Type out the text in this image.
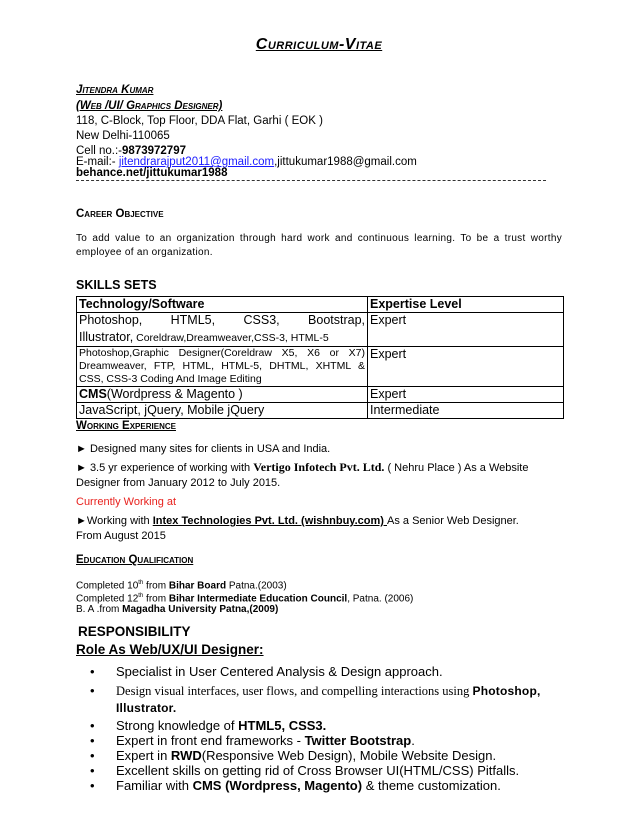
Curriculum-Vitae
Jitendra Kumar
(Web /UI/ Graphics Designer)
118, C-Block, Top Floor, DDA Flat, Garhi ( EOK )
New Delhi-110065
Cell no.:-9873972797
E-mail:- jitendrarajput2011@gmail.com,jittukumar1988@gmail.com
behance.net/jittukumar1988
Career Objective
To add value to an organization through hard work and continuous learning. To be a trust worthy employee of an organization.
SKILLS SETS
Technology/Software	Expertise Level

Photoshop, HTML5, CSS3, Bootstrap,
Illustrator, Coreldraw,Dreamweaver,CSS-3, HTML-5	Expert
Photoshop,Graphic Designer(Coreldraw X5, X6 or X7) Dreamweaver, FTP, HTML, HTML-5, DHTML, XHTML & CSS, CSS-3 Coding And Image Editing	Expert
CMS(Wordpress & Magento )	Expert
JavaScript, jQuery, Mobile jQuery	Intermediate
Working Experience
► Designed many sites for clients in USA and India.
► 3.5 yr experience of working with Vertigo Infotech Pvt. Ltd. ( Nehru Place ) As a Website
Designer from January 2012 to July 2015.
Currently Working at
►Working with Intex Technologies Pvt. Ltd. (wishnbuy.com) As a Senior Web Designer.
From August 2015
Education Qualification
Completed 10th from Bihar Board Patna.(2003)
Completed 12th from Bihar Intermediate Education Council, Patna. (2006)
B. A .from Magadha University Patna,(2009)
RESPONSIBILITY
Role As Web/UX/UI Designer:
• Specialist in User Centered Analysis & Design approach.
• Design visual interfaces, user flows, and compelling interactions using Photoshop,
Illustrator.
• Strong knowledge of HTML5, CSS3.
• Expert in front end frameworks - Twitter Bootstrap.
• Expert in RWD(Responsive Web Design), Mobile Website Design.
• Excellent skills on getting rid of Cross Browser UI(HTML/CSS) Pitfalls.
• Familiar with CMS (Wordpress, Magento) & theme customization.
